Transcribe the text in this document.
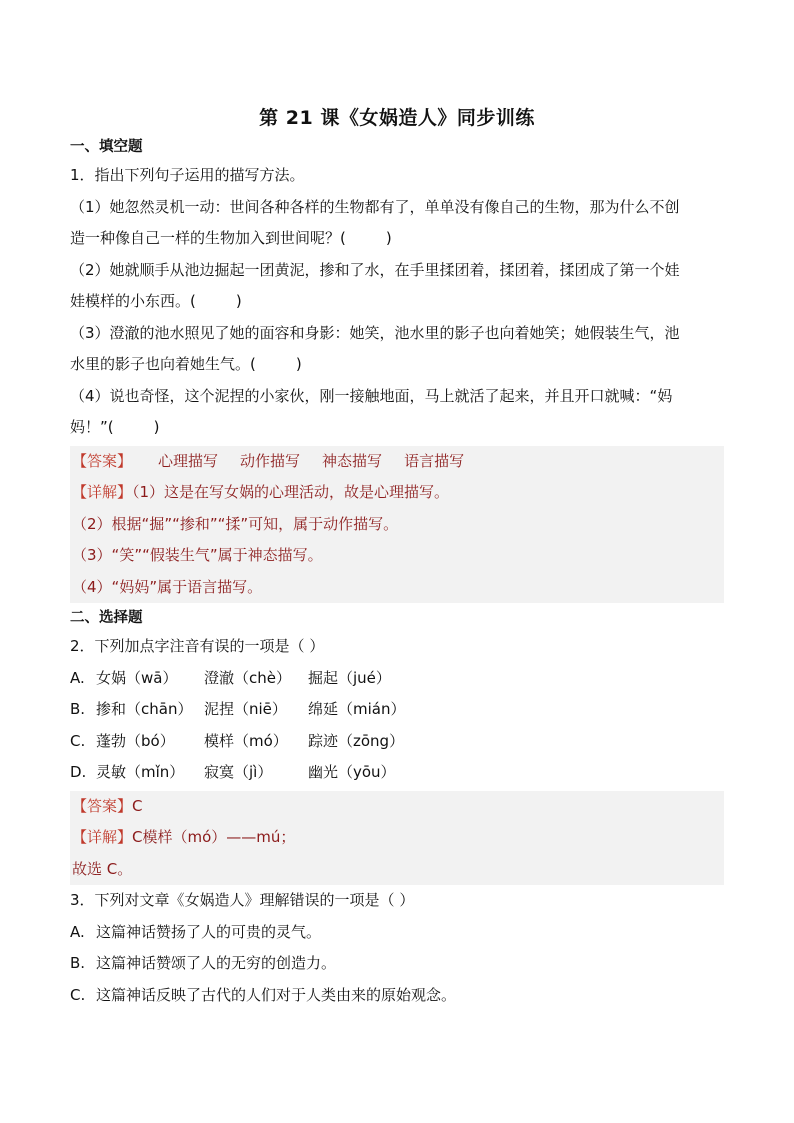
第 21 课《女娲造人》同步训练
一、填空题
1．指出下列句子运用的描写方法。
（1）她忽然灵机一动：世间各种各样的生物都有了，单单没有像自己的生物，那为什么不创
造一种像自己一样的生物加入到世间呢？(	)
（2）她就顺手从池边掘起一团黄泥，掺和了水，在手里揉团着，揉团着，揉团成了第一个娃
娃模样的小东西。(	)
（3）澄澈的池水照见了她的面容和身影：她笑，池水里的影子也向着她笑；她假装生气，池
水里的影子也向着她生气。(	)
（4）说也奇怪，这个泥捏的小家伙，刚一接触地面，马上就活了起来，并且开口就喊：“妈
妈！”(	)
【答案】 心理描写 动作描写 神态描写 语言描写
【详解】（1）这是在写女娲的心理活动，故是心理描写。
（2）根据“掘”“掺和”“揉”可知，属于动作描写。
（3）“笑”“假装生气”属于神态描写。
（4）“妈妈”属于语言描写。
二、选择题
2．下列加点字注音有误的一项是（ ）
A. 女娲（wā） 澄澈（chè） 掘起（jué）
B. 掺和（chān） 泥捏（niē） 绵延（mián）
C. 蓬勃（bó） 模样（mó） 踪迹（zōng）
D. 灵敏（mǐn） 寂寞（jì） 幽光（yōu）
【答案】C
【详解】C模样（mó）——mú；
故选 C。
3．下列对文章《女娲造人》理解错误的一项是（ ）
A. 这篇神话赞扬了人的可贵的灵气。
B. 这篇神话赞颂了人的无穷的创造力。
C. 这篇神话反映了古代的人们对于人类由来的原始观念。
